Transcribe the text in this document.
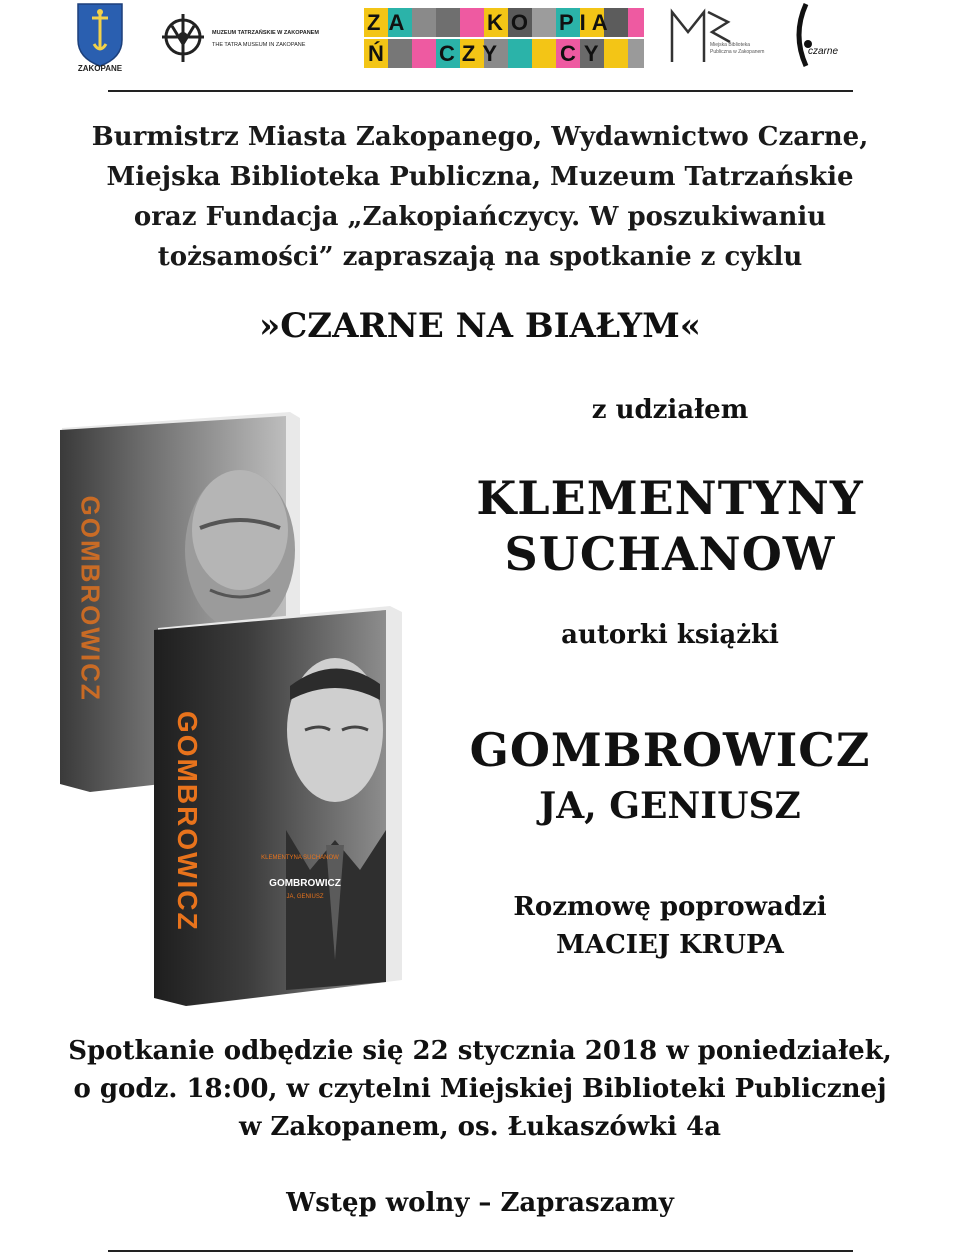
ZAKOPANE
MUZEUM TATRZAŃSKIE W ZAKOPANEM
THE TATRA MUSEUM IN ZAKOPANE
ZA	KO PIA
Ń	CZY	CY	Miejska Biblioteka Publiczna w Zakopanem	czarne
Burmistrz Miasta Zakopanego, Wydawnictwo Czarne,
Miejska Biblioteka Publiczna, Muzeum Tatrzańskie
oraz Fundacja „Zakopiańczycy. W poszukiwaniu
tożsamości” zapraszają na spotkanie z cyklu
»CZARNE NA BIAŁYM«
GOMBROWICZ
GOMBROWICZ	KLEMENTYNA SUCHANOW
GOMBROWICZ
JA, GENIUSZ
z udziałem
KLEMENTYNY
SUCHANOW
autorki książki
GOMBROWICZ
JA, GENIUSZ
Rozmowę poprowadzi
MACIEJ KRUPA
Spotkanie odbędzie się 22 stycznia 2018 w poniedziałek,
o godz. 18:00, w czytelni Miejskiej Biblioteki Publicznej
w Zakopanem, os. Łukaszówki 4a
Wstęp wolny – Zapraszamy
